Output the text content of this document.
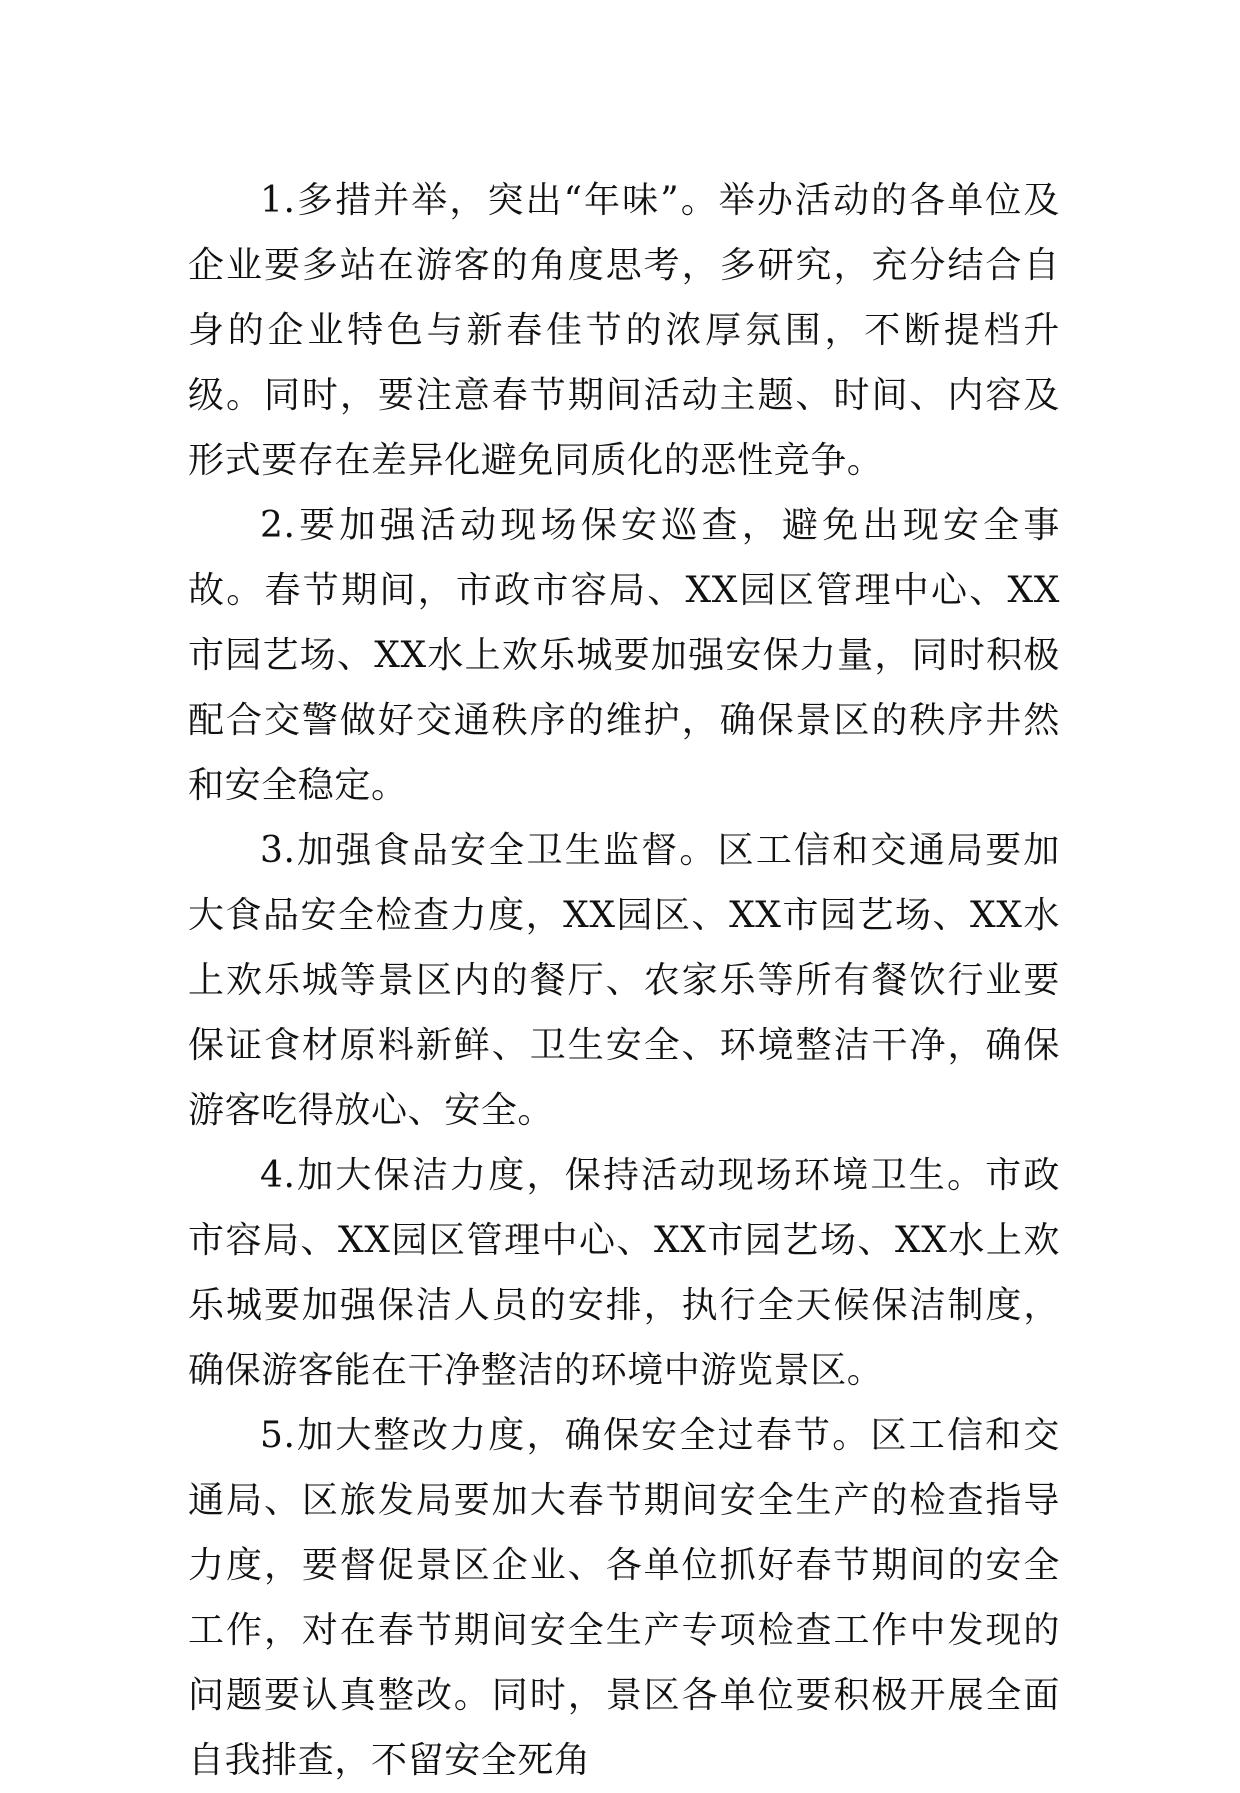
1.多措并举，突出“年味”。举办活动的各单位及企业要多站在游客的角度思考，多研究，充分结合自身的企业特色与新春佳节的浓厚氛围，不断提档升级。同时，要注意春节期间活动主题、时间、内容及形式要存在差异化避免同质化的恶性竞争。

2.要加强活动现场保安巡查，避免出现安全事故。春节期间，市政市容局、XX园区管理中心、XX市园艺场、XX水上欢乐城要加强安保力量，同时积极配合交警做好交通秩序的维护，确保景区的秩序井然和安全稳定。

3.加强食品安全卫生监督。区工信和交通局要加大食品安全检查力度，XX园区、XX市园艺场、XX水上欢乐城等景区内的餐厅、农家乐等所有餐饮行业要保证食材原料新鲜、卫生安全、环境整洁干净，确保游客吃得放心、安全。

4.加大保洁力度，保持活动现场环境卫生。市政市容局、XX园区管理中心、XX市园艺场、XX水上欢乐城要加强保洁人员的安排，执行全天候保洁制度，确保游客能在干净整洁的环境中游览景区。

5.加大整改力度，确保安全过春节。区工信和交通局、区旅发局要加大春节期间安全生产的检查指导力度，要督促景区企业、各单位抓好春节期间的安全工作，对在春节期间安全生产专项检查工作中发现的问题要认真整改。同时，景区各单位要积极开展全面自我排查，不留安全死角
